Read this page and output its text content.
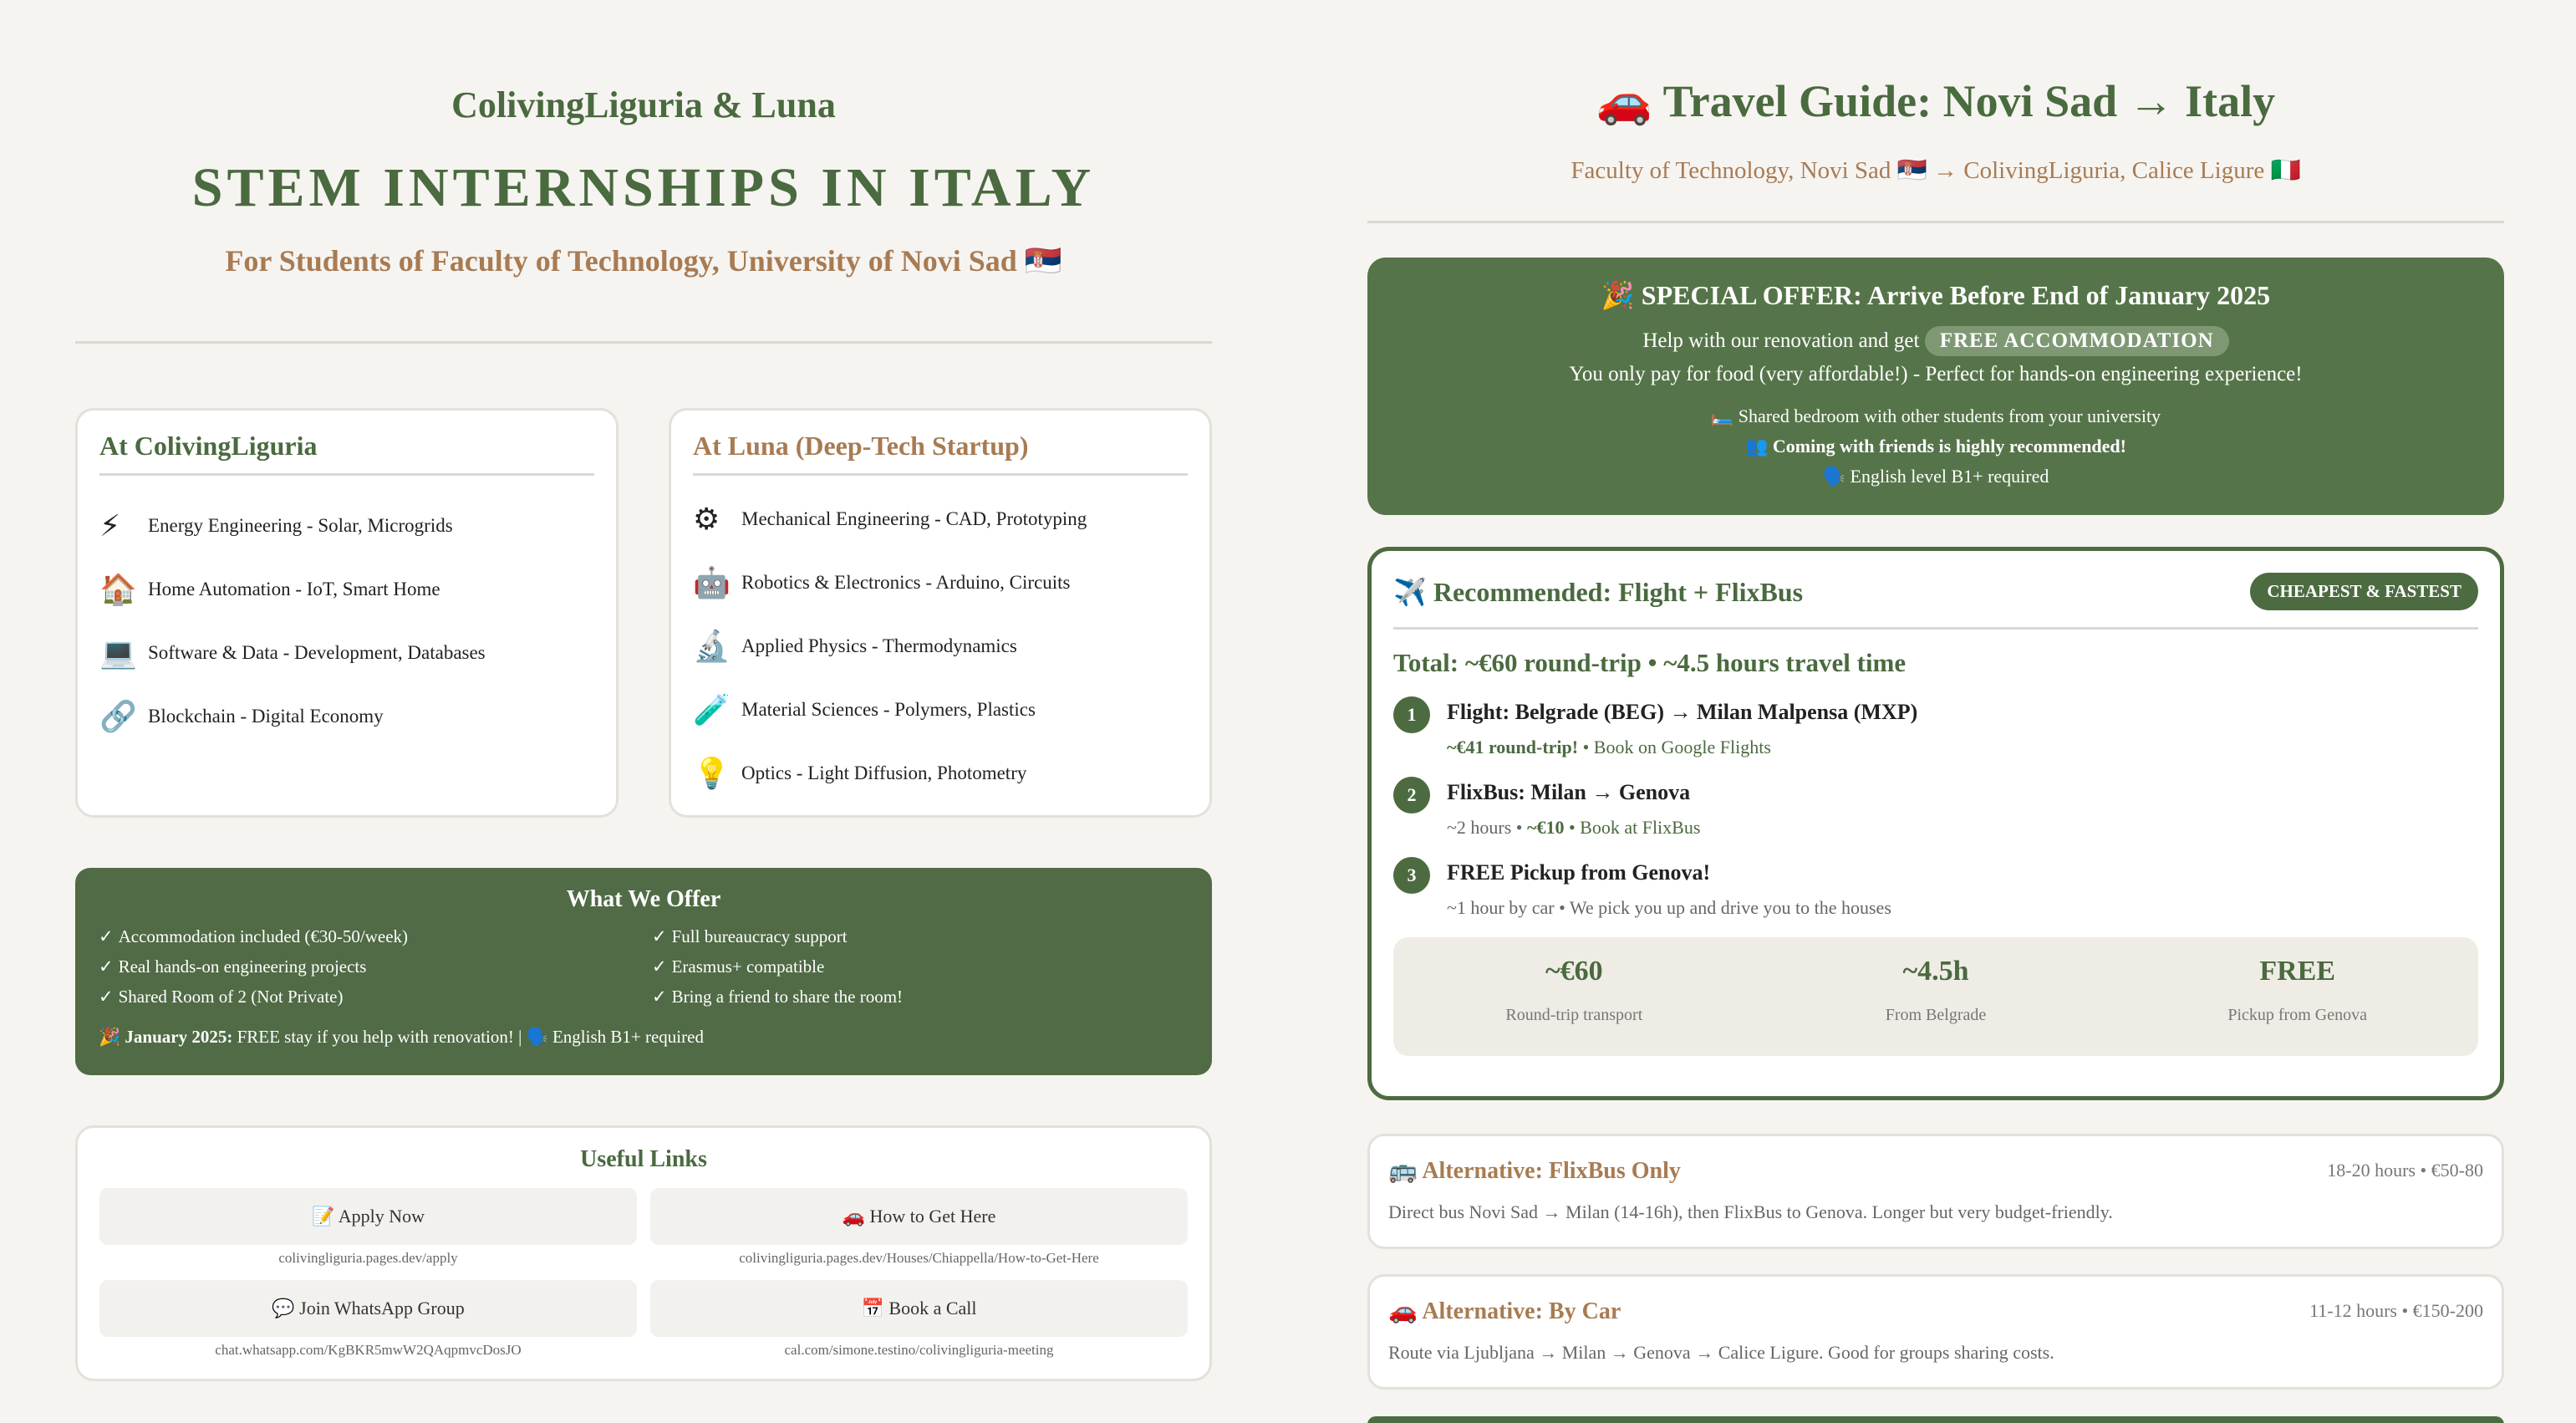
ColivingLiguria & Luna
STEM INTERNSHIPS IN ITALY
For Students of Faculty of Technology, University of Novi Sad 🇷🇸
At ColivingLiguria
⚡	Energy Engineering - Solar, Microgrids
🏠 Home Automation - IoT, Smart Home
💻 Software & Data - Development, Databases
🔗 Blockchain - Digital Economy
At Luna (Deep-Tech Startup)
⚙	Mechanical Engineering - CAD, Prototyping
🤖 Robotics & Electronics - Arduino, Circuits
🔬 Applied Physics - Thermodynamics
🧪 Material Sciences - Polymers, Plastics
💡 Optics - Light Diffusion, Photometry
What We Offer
✓ Accommodation included (€30-50/week)	✓ Full bureaucracy support
✓ Real hands-on engineering projects	✓ Erasmus+ compatible
✓ Shared Room of 2 (Not Private)	✓ Bring a friend to share the room!
🎉 January 2025: FREE stay if you help with renovation! | 🗣️ English B1+ required
Useful Links
📝 Apply Now
colivingliguria.pages.dev/apply
🚗 How to Get Here
colivingliguria.pages.dev/Houses/Chiappella/How-to-Get-Here
💬 Join WhatsApp Group
chat.whatsapp.com/KgBKR5mwW2QAqpmvcDosJO
📅 Book a Call
cal.com/simone.testino/colivingliguria-meeting
🚗 Travel Guide: Novi Sad → Italy
Faculty of Technology, Novi Sad 🇷🇸 → ColivingLiguria, Calice Ligure 🇮🇹
🎉 SPECIAL OFFER: Arrive Before End of January 2025
Help with our renovation and get FREE ACCOMMODATION
You only pay for food (very affordable!) - Perfect for hands-on engineering experience!
🛏️ Shared bedroom with other students from your university
👥 Coming with friends is highly recommended!
🗣️ English level B1+ required
✈️ Recommended: Flight + FlixBus	CHEAPEST & FASTEST
Total: ~€60 round-trip • ~4.5 hours travel time
1	Flight: Belgrade (BEG) → Milan Malpensa (MXP)
~€41 round-trip! • Book on Google Flights
2	FlixBus: Milan → Genova
~2 hours • ~€10 • Book at FlixBus
3	FREE Pickup from Genova!
~1 hour by car • We pick you up and drive you to the houses
~€60
Round-trip transport
~4.5h
From Belgrade
FREE
Pickup from Genova
🚌 Alternative: FlixBus Only	18-20 hours • €50-80
Direct bus Novi Sad → Milan (14-16h), then FlixBus to Genova. Longer but very budget-friendly.
🚗 Alternative: By Car	11-12 hours • €150-200
Route via Ljubljana → Milan → Genova → Calice Ligure. Good for groups sharing costs.
